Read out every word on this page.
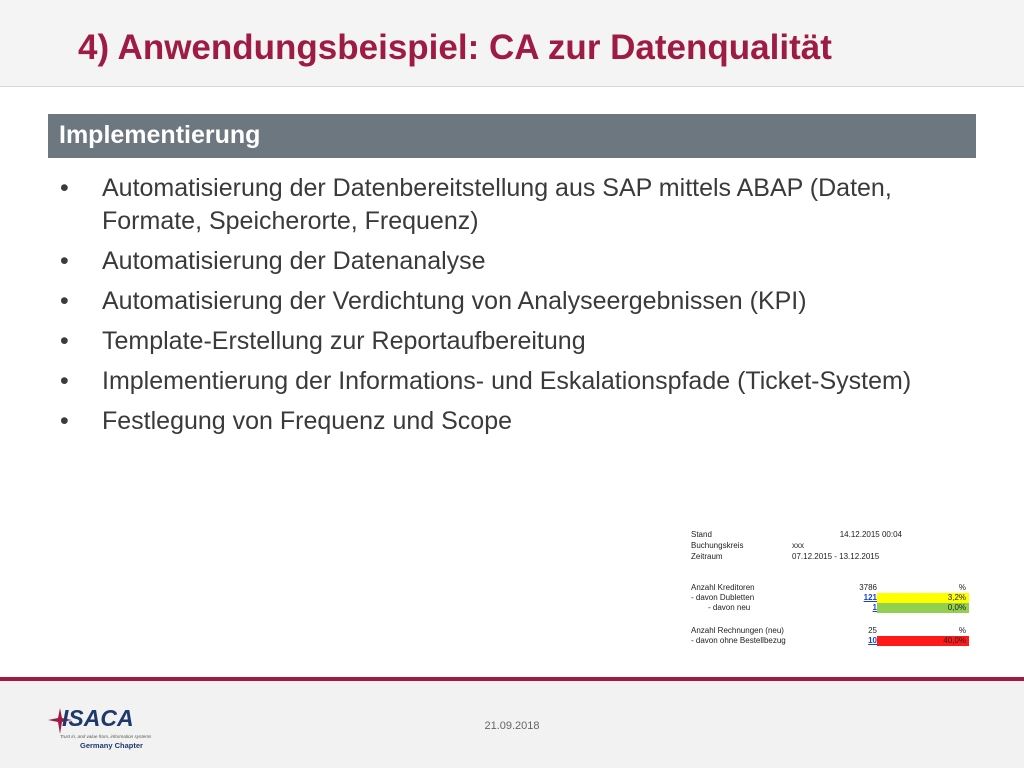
4) Anwendungsbeispiel: CA zur Datenqualität
Implementierung
• Automatisierung der Datenbereitstellung aus SAP mittels ABAP (Daten, Formate, Speicherorte, Frequenz)
• Automatisierung der Datenanalyse
• Automatisierung der Verdichtung von Analyseergebnissen (KPI)
• Template-Erstellung zur Reportaufbereitung
• Implementierung der Informations- und Eskalationspfade (Ticket-System)
• Festlegung von Frequenz und Scope
Stand	14.12.2015 00:04
Buchungskreis	xxx
Zeitraum	07.12.2015 - 13.12.2015
Anzahl Kreditoren	3786	%
- davon Dubletten	121	3,2%
- davon neu	1	0,0%
Anzahl Rechnungen (neu)	25	%
- davon ohne Bestellbezug	10	40,0%
ISACA
Trust in, and value from, information systems
Germany Chapter
21.09.2018
